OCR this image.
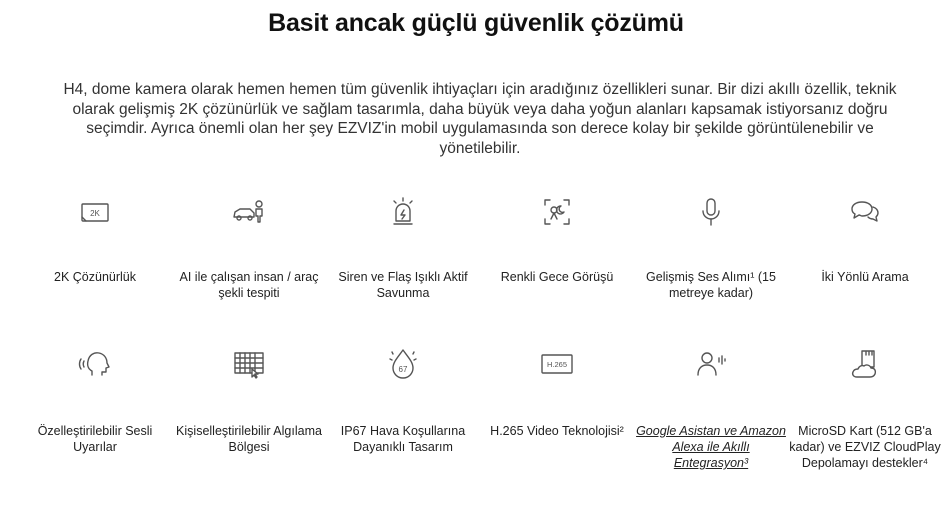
Basit ancak güçlü güvenlik çözümü

H4, dome kamera olarak hemen hemen tüm güvenlik ihtiyaçları için aradığınız özellikleri sunar. Bir dizi akıllı özellik, teknik olarak gelişmiş 2K çözünürlük ve sağlam tasarımla, daha büyük veya daha yoğun alanları kapsamak istiyorsanız doğru seçimdir. Ayrıca önemli olan her şey EZVIZ'in mobil uygulamasında son derece kolay bir şekilde görüntülenebilir ve yönetilebilir.

2K
2K Çözünürlük	AI ile çalışan insan / araç şekli tespiti
Siren ve Flaş Işıklı Aktif Savunma
Renkli Gece Görüşü	Gelişmiş Ses Alımı¹ (15 metreye kadar)
İki Yönlü Arama
Özelleştirilebilir Sesli Uyarılar
Kişiselleştirilebilir Algılama Bölgesi
67
IP67 Hava Koşullarına Dayanıklı Tasarım
H.265
H.265 Video Teknolojisi² Google Asistan ve Amazon Alexa ile Akıllı Entegrasyon³
MicroSD Kart (512 GB'a kadar) ve EZVIZ CloudPlay Depolamayı destekler⁴
